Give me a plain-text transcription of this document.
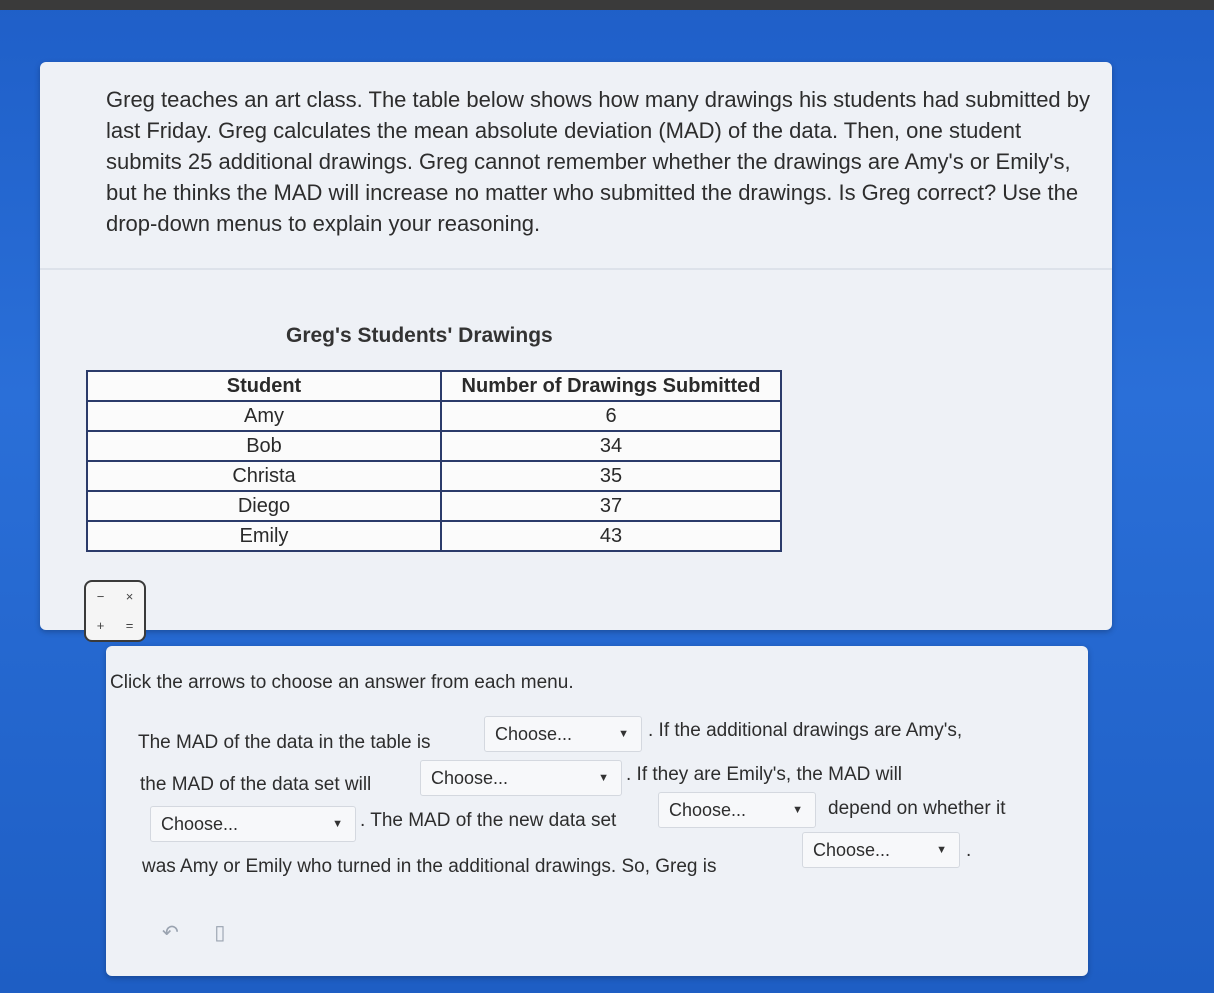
Greg teaches an art class. The table below shows how many drawings his students had submitted by last Friday. Greg calculates the mean absolute deviation (MAD) of the data. Then, one student submits 25 additional drawings. Greg cannot remember whether the drawings are Amy's or Emily's, but he thinks the MAD will increase no matter who submitted the drawings. Is Greg correct? Use the drop-down menus to explain your reasoning.
Greg's Students' Drawings
Student	Number of Drawings Submitted
Amy	6
Bob	34
Christa	35
Diego	37
Emily	43
−	×
+	=
Click the arrows to choose an answer from each menu.
The MAD of the data in the table is	Choose...	▼ . If the additional drawings are Amy's,
the MAD of the data set will	Choose...	▼ . If they are Emily's, the MAD will
Choose...	▼ . The MAD of the new data set	Choose...	▼ depend on whether it
was Amy or Emily who turned in the additional drawings. So, Greg is
Choose...	▼ .
↶ ▯
